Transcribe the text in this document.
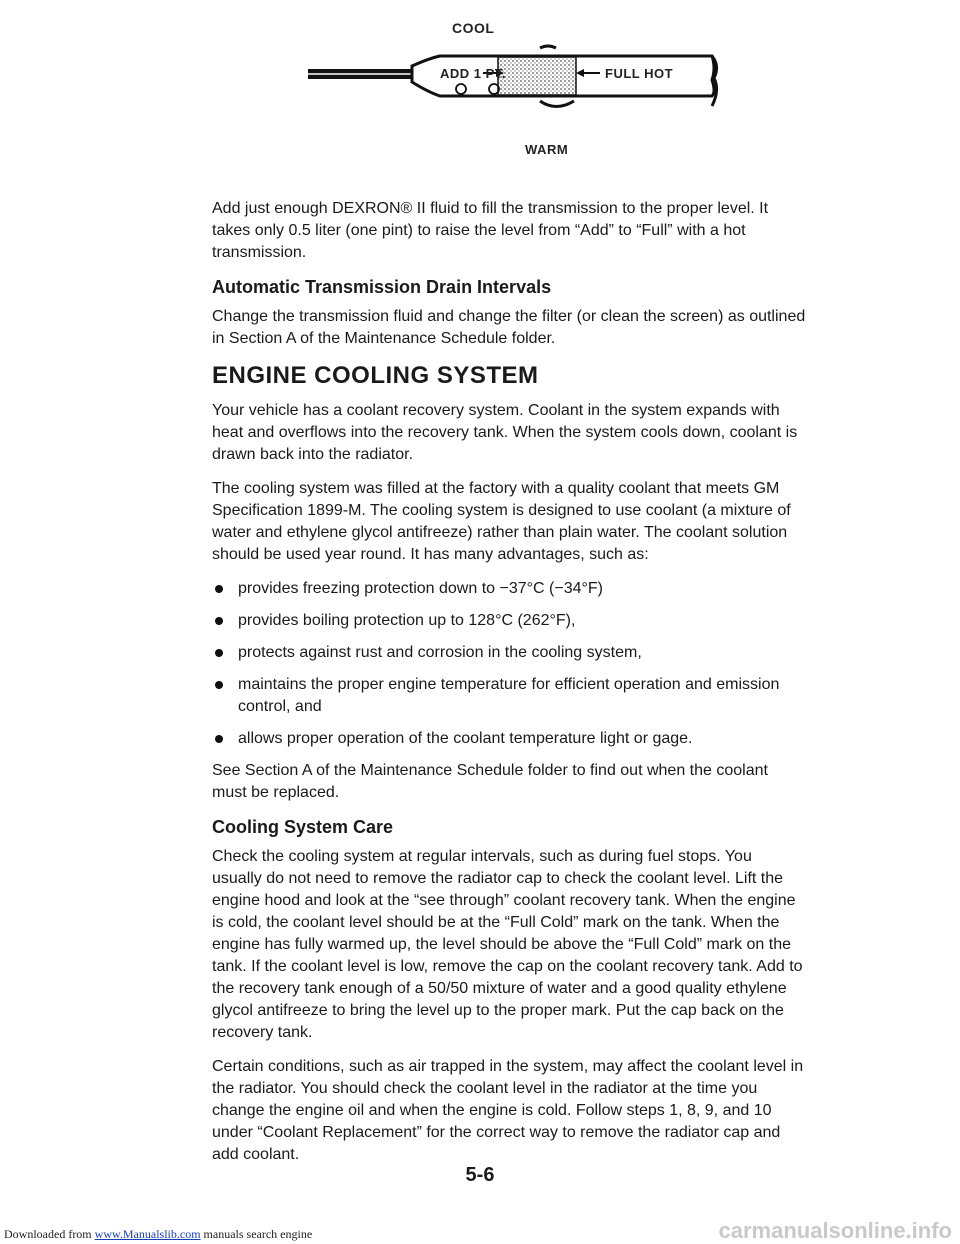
COOL
ADD 1 PT.	FULL HOT
WARM

Add just enough DEXRON® II fluid to fill the transmission to the proper level. It takes only 0.5 liter (one pint) to raise the level from “Add” to “Full” with a hot transmission.

Automatic Transmission Drain Intervals

Change the transmission fluid and change the filter (or clean the screen) as outlined in Section A of the Maintenance Schedule folder.

ENGINE COOLING SYSTEM

Your vehicle has a coolant recovery system. Coolant in the system expands with heat and overflows into the recovery tank. When the system cools down, coolant is drawn back into the radiator.

The cooling system was filled at the factory with a quality coolant that meets GM Specification 1899-M. The cooling system is designed to use coolant (a mixture of water and ethylene glycol antifreeze) rather than plain water. The coolant solution should be used year round. It has many advantages, such as:

provides freezing protection down to −37°C (−34°F)
provides boiling protection up to 128°C (262°F),
protects against rust and corrosion in the cooling system,
maintains the proper engine temperature for efficient operation and emission control, and
allows proper operation of the coolant temperature light or gage.

See Section A of the Maintenance Schedule folder to find out when the coolant must be replaced.

Cooling System Care

Check the cooling system at regular intervals, such as during fuel stops. You usually do not need to remove the radiator cap to check the coolant level. Lift the engine hood and look at the “see through” coolant recovery tank. When the engine is cold, the coolant level should be at the “Full Cold” mark on the tank. When the engine has fully warmed up, the level should be above the “Full Cold” mark on the tank. If the coolant level is low, remove the cap on the coolant recovery tank. Add to the recovery tank enough of a 50/50 mixture of water and a good quality ethylene glycol antifreeze to bring the level up to the proper mark. Put the cap back on the recovery tank.

Certain conditions, such as air trapped in the system, may affect the coolant level in the radiator. You should check the coolant level in the radiator at the time you change the engine oil and when the engine is cold. Follow steps 1, 8, 9, and 10 under “Coolant Replacement” for the correct way to remove the radiator cap and add coolant.

5-6
Downloaded from www.Manualslib.com manuals search engine	carmanualsonline.info
